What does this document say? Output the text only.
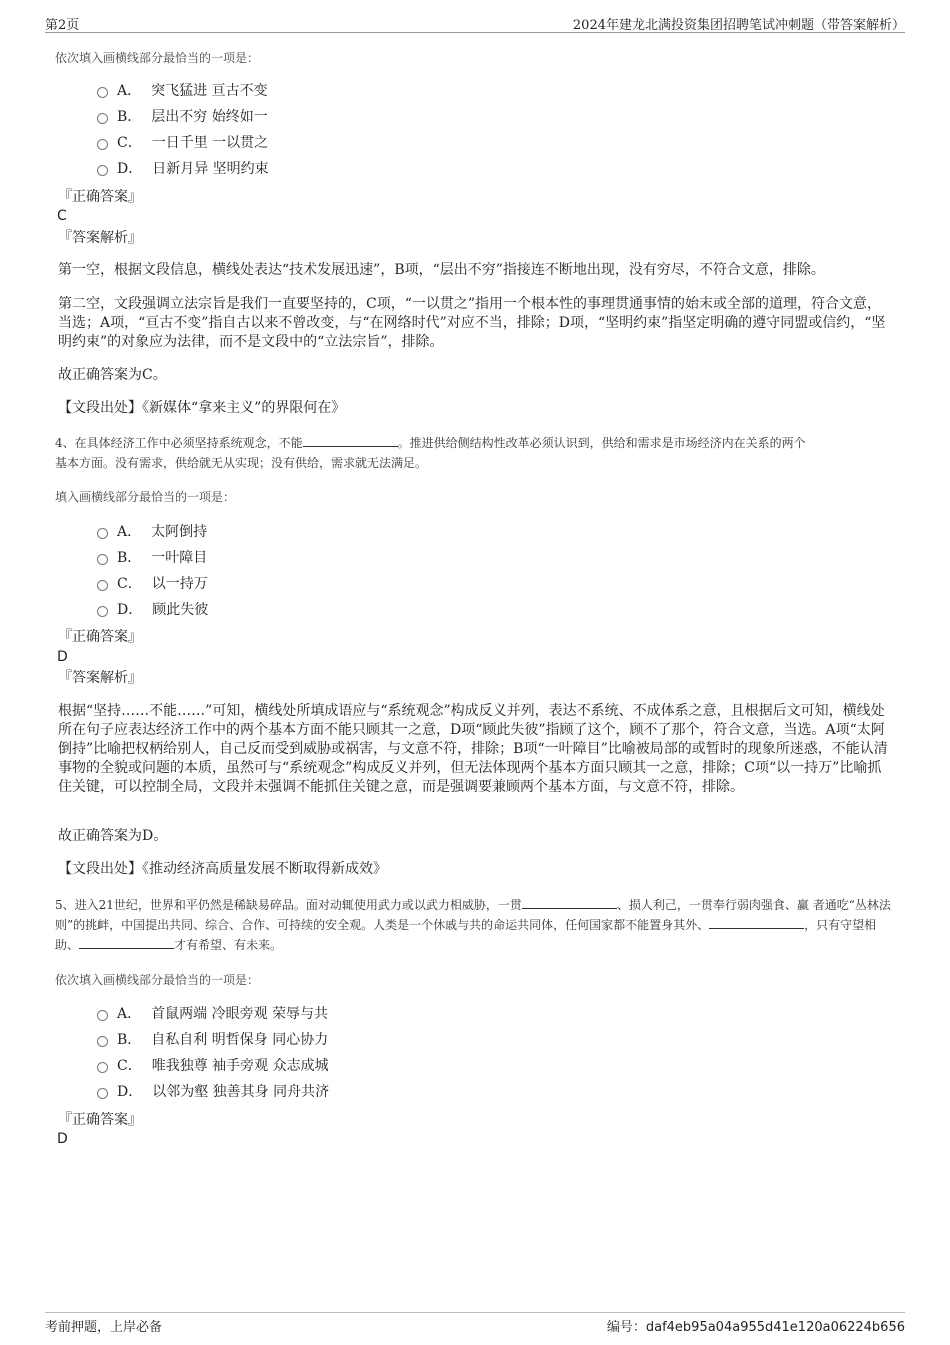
第2页	2024年建龙北满投资集团招聘笔试冲刺题（带答案解析）
依次填入画横线部分最恰当的一项是：
A． 突飞猛进 亘古不变
B． 层出不穷 始终如一
C． 一日千里 一以贯之
D． 日新月异 坚明约束
『正确答案』
C
『答案解析』
第一空，根据文段信息，横线处表达“技术发展迅速”，B项，“层出不穷”指接连不断地出现，没有穷尽，不符合文意，排除。
第二空，文段强调立法宗旨是我们一直要坚持的，C项，“一以贯之”指用一个根本性的事理贯通事情的始末或全部的道理，符合文意，当选；A项，“亘古不变”指自古以来不曾改变，与“在网络时代”对应不当，排除；D项，“坚明约束”指坚定明确的遵守同盟或信约，“坚明约束”的对象应为法律，而不是文段中的“立法宗旨”，排除。
故正确答案为C。
【文段出处】《新媒体“拿来主义”的界限何在》
4、在具体经济工作中必须坚持系统观念，不能	。推进供给侧结构性改革必须认识到，供给和需求是市场经济内在关系的两个
基本方面。没有需求，供给就无从实现；没有供给，需求就无法满足。
填入画横线部分最恰当的一项是：
A． 太阿倒持
B． 一叶障目
C． 以一持万
D． 顾此失彼
『正确答案』
D
『答案解析』
根据“坚持……不能……”可知，横线处所填成语应与“系统观念”构成反义并列，表达不系统、不成体系之意，且根据后文可知，横线处所在句子应表达经济工作中的两个基本方面不能只顾其一之意，D项“顾此失彼”指顾了这个，顾不了那个，符合文意，当选。A项“太阿倒持”比喻把权柄给别人，自己反而受到威胁或祸害，与文意不符，排除；B项“一叶障目”比喻被局部的或暂时的现象所迷惑，不能认清事物的全貌或问题的本质，虽然可与“系统观念”构成反义并列，但无法体现两个基本方面只顾其一之意，排除；C项“以一持万”比喻抓住关键，可以控制全局，文段并未强调不能抓住关键之意，而是强调要兼顾两个基本方面，与文意不符，排除。
故正确答案为D。
【文段出处】《推动经济高质量发展不断取得新成效》
5、进入21世纪，世界和平仍然是稀缺易碎品。面对动辄使用武力或以武力相威胁，一贯	、损人利己，一贯奉行弱肉强食、赢 者通吃“丛林法则”的挑衅，中国提出共同、综合、合作、可持续的安全观。人类是一个休戚与共的命运共同体，任何国家都不能置身其外、	，只有守望相助、	才有希望、有未来。
依次填入画横线部分最恰当的一项是：
A． 首鼠两端 冷眼旁观 荣辱与共
B． 自私自利 明哲保身 同心协力
C． 唯我独尊 袖手旁观 众志成城
D． 以邻为壑 独善其身 同舟共济
『正确答案』
D
考前押题，上岸必备	编号：daf4eb95a04a955d41e120a06224b656
